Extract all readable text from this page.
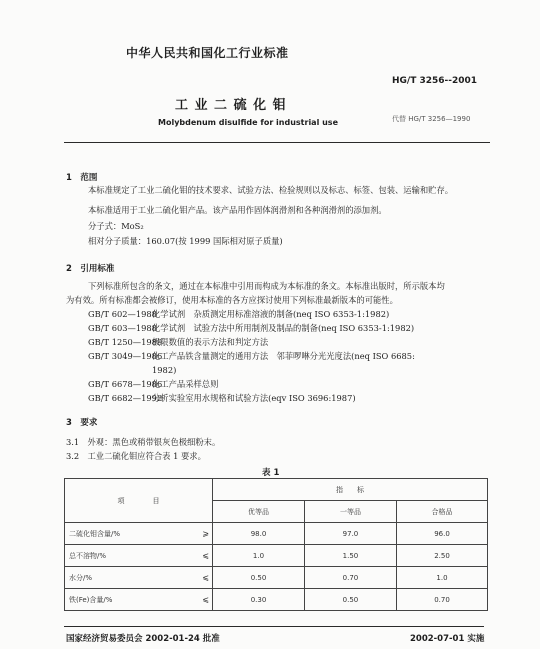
中华人民共和国化工行业标准
HG/T 3256--2001
工 业 二 硫 化 钼
代替 HG/T 3256—1990
Molybdenum disulfide for industrial use
1　范围
本标准规定了工业二硫化钼的技术要求、试验方法、检验规则以及标志、标签、包装、运输和贮存。
本标准适用于工业二硫化钼产品。该产品用作固体润滑剂和各种润滑剂的添加剂。
分子式：MoS₂
相对分子质量：160.07(按 1999 国际相对原子质量)
2　引用标准
下列标准所包含的条文，通过在本标准中引用而构成为本标准的条文。本标准出版时，所示版本均
为有效。所有标准都会被修订，使用本标准的各方应探讨使用下列标准最新版本的可能性。
GB/T 602—1988化学试剂　杂质测定用标准溶液的制备(neq ISO 6353-1:1982)
GB/T 603—1988化学试剂　试验方法中所用制剂及制品的制备(neq ISO 6353-1:1982)
GB/T 1250—1989极限数值的表示方法和判定方法
GB/T 3049—1986化工产品铁含量测定的通用方法　邻菲啰啉分光光度法(neq ISO 6685:
1982)
GB/T 6678—1986化工产品采样总则
GB/T 6682—1992分析实验室用水规格和试验方法(eqv ISO 3696:1987)
3　要求
3.1　外观：黑色或稍带银灰色极细粉末。
3.2　工业二硫化钼应符合表 1 要求。
表 1
项　　　　目		指　　标		
		优等品	一等品	合格品
二硫化钼含量/%	⩾	98.0	97.0	96.0
总不溶物/%	⩽	1.0	1.50	2.50
水分/%	⩽	0.50	0.70	1.0
铁(Fe)含量/%	⩽	0.30	0.50	0.70
国家经济贸易委员会 2002-01-24 批准	2002-07-01 实施
